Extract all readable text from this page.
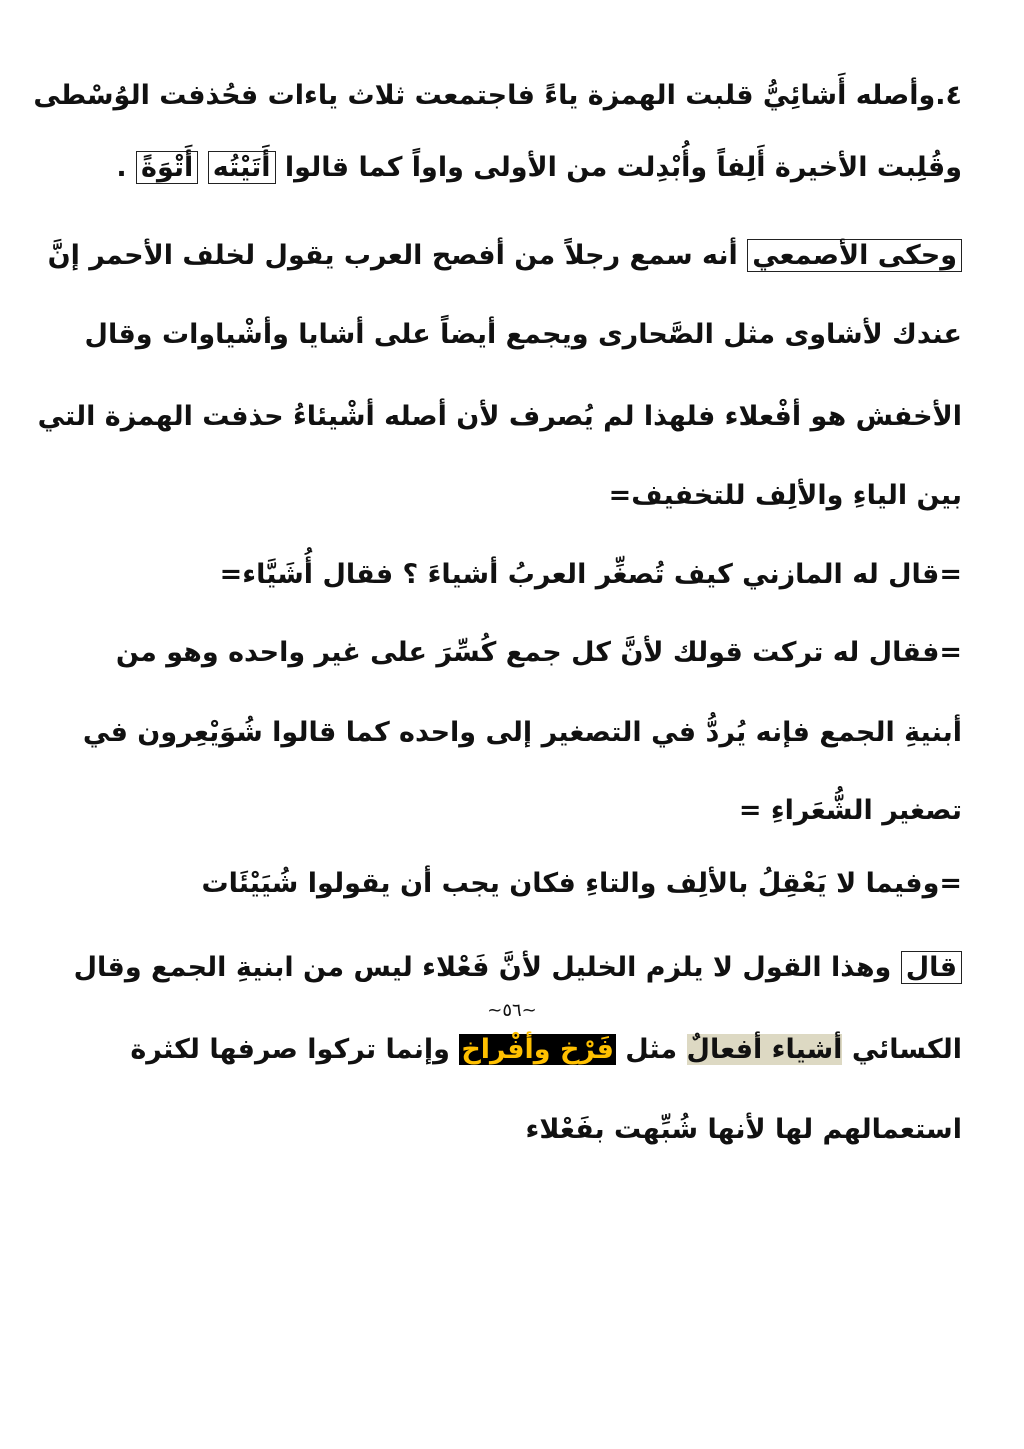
٤.وأصله أَشائِيُّ قلبت الهمزة ياءً فاجتمعت ثلاث ياءات فحُذفت الوُسْطى
وقُلِبت الأخيرة أَلِفاً وأُبْدِلت من الأولى واواً كما قالوا أَتَيْتُه أَتْوَةً .
وحكى الأصمعي أنه سمع رجلاً من أفصح العرب يقول لخلف الأحمر إنَّ
عندك لأشاوى مثل الصَّحارى ويجمع أيضاً على أشايا وأشْياوات وقال
الأخفش هو أفْعلاء فلهذا لم يُصرف لأن أصله أشْيئاءُ حذفت الهمزة التي
بين الياءِ والألِف للتخفيف=
=قال له المازني كيف تُصغِّر العربُ أشياءَ ؟ فقال أُشَيَّاء=
=فقال له تركت قولك لأنَّ كل جمع كُسِّرَ على غير واحده وهو من
أبنيةِ الجمع فإنه يُردُّ في التصغير إلى واحده كما قالوا شُوَيْعِرون في
تصغير الشُّعَراءِ =
=وفيما لا يَعْقِلُ بالألِف والتاءِ فكان يجب أن يقولوا شُيَيْئَات
قال وهذا القول لا يلزم الخليل لأنَّ فَعْلاء ليس من ابنيةِ الجمع وقال
الكسائي أشياء أفعالٌ مثل فَرْخ وأفْراخ وإنما تركوا صرفها لكثرة
استعمالهم لها لأنها شُبِّهت بفَعْلاء
~٥٦~
